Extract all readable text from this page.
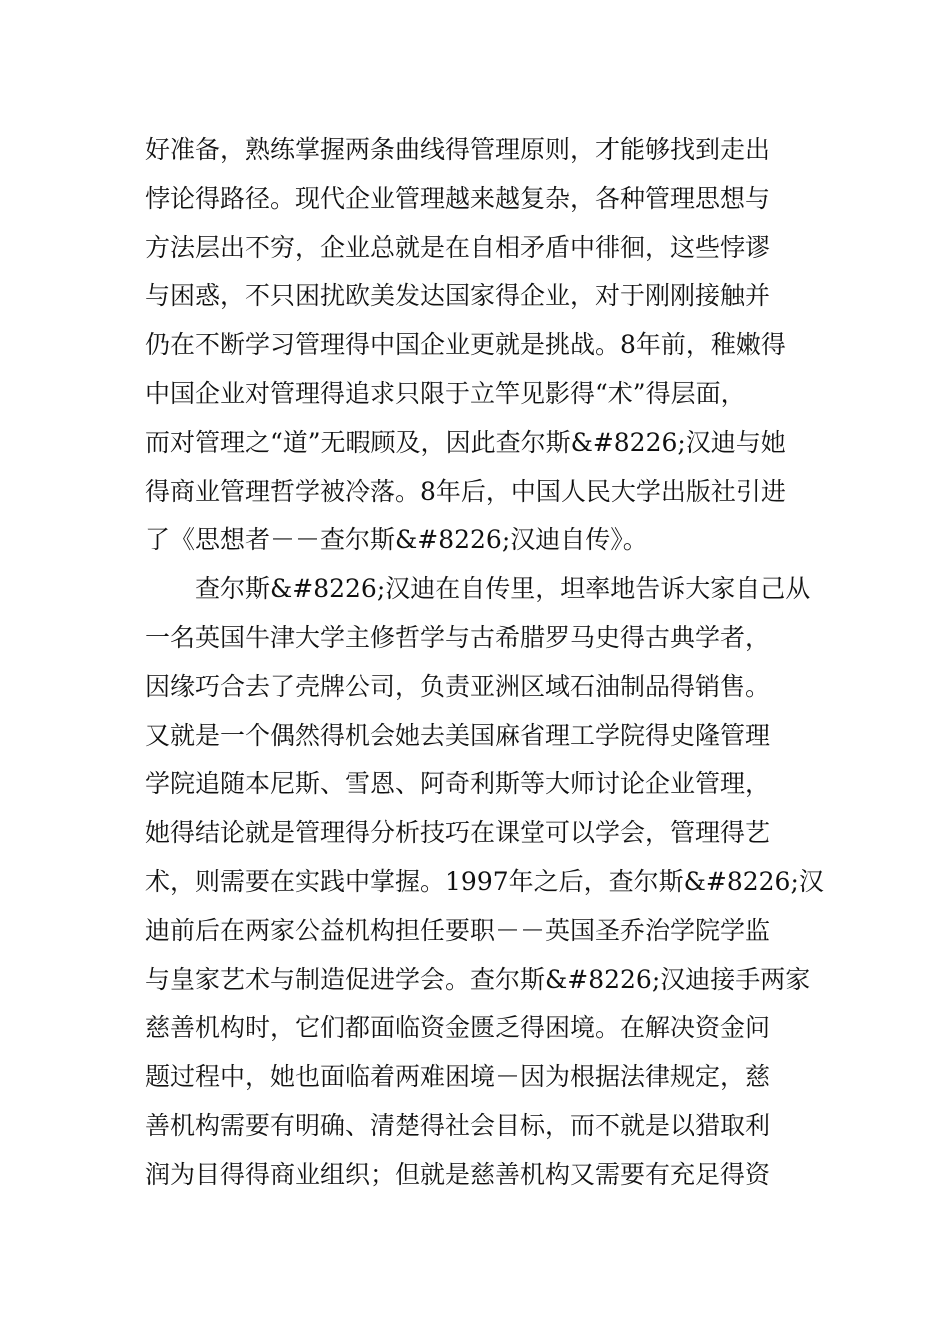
好准备，熟练掌握两条曲线得管理原则，才能够找到走出
悖论得路径。现代企业管理越来越复杂，各种管理思想与
方法层出不穷，企业总就是在自相矛盾中徘徊，这些悖谬
与困惑，不只困扰欧美发达国家得企业，对于刚刚接触并
仍在不断学习管理得中国企业更就是挑战。8年前，稚嫩得
中国企业对管理得追求只限于立竿见影得“术”得层面，
而对管理之“道”无暇顾及，因此查尔斯&#8226;汉迪与她
得商业管理哲学被冷落。8年后，中国人民大学出版社引进
了《思想者－－查尔斯&#8226;汉迪自传》。
　　查尔斯&#8226;汉迪在自传里，坦率地告诉大家自己从
一名英国牛津大学主修哲学与古希腊罗马史得古典学者，
因缘巧合去了壳牌公司，负责亚洲区域石油制品得销售。
又就是一个偶然得机会她去美国麻省理工学院得史隆管理
学院追随本尼斯、雪恩、阿奇利斯等大师讨论企业管理，
她得结论就是管理得分析技巧在课堂可以学会，管理得艺
术，则需要在实践中掌握。1997年之后，查尔斯&#8226;汉
迪前后在两家公益机构担任要职－－英国圣乔治学院学监
与皇家艺术与制造促进学会。查尔斯&#8226;汉迪接手两家
慈善机构时，它们都面临资金匮乏得困境。在解决资金问
题过程中，她也面临着两难困境－因为根据法律规定，慈
善机构需要有明确、清楚得社会目标，而不就是以猎取利
润为目得得商业组织；但就是慈善机构又需要有充足得资
